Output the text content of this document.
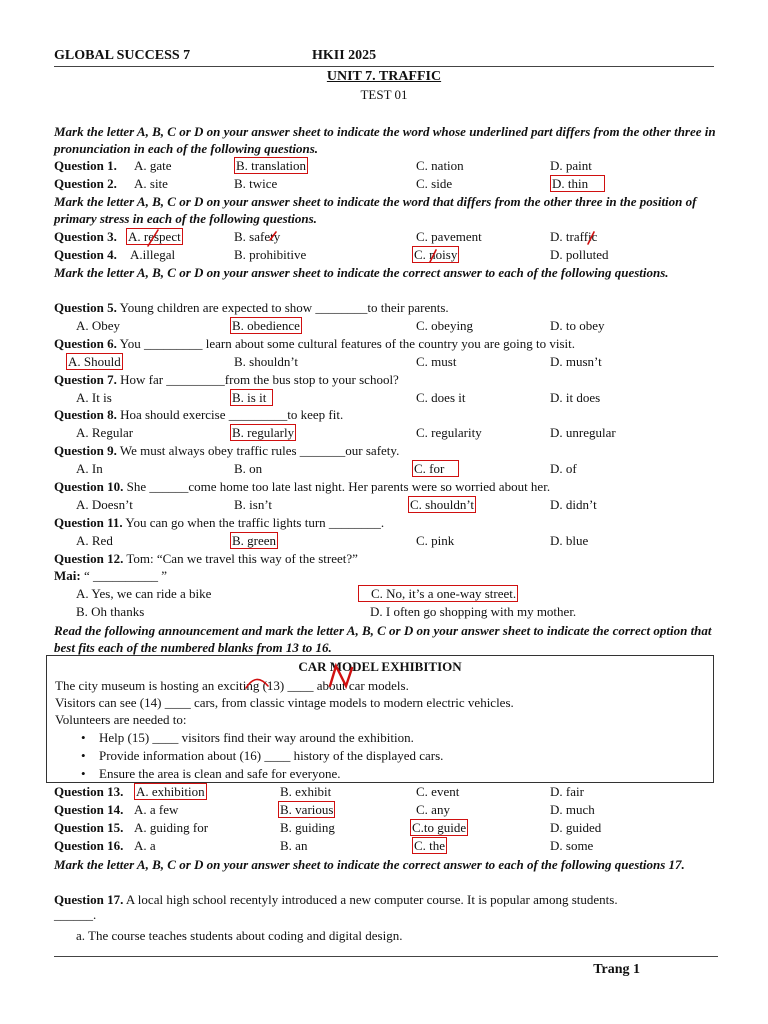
GLOBAL SUCCESS 7	HKII 2025
UNIT 7. TRAFFIC
TEST 01
Mark the letter A, B, C or D on your answer sheet to indicate the word whose underlined part differs from the other three in pronunciation in each of the following questions.
Question 1. A. gate	B. translation	C. nation	D. paint
Question 2. A. site	B. twice	C. side	D. thin
Mark the letter A, B, C or D on your answer sheet to indicate the word that differs from the other three in the position of primary stress in each of the following questions.
Question 3. A. respect	B. safety	C. pavement	D. traffic
Question 4. A.illegal	B. prohibitive	C. noisy	D. polluted
Mark the letter A, B, C or D on your answer sheet to indicate the correct answer to each of the following questions.
Question 5. Young children are expected to show ________to their parents.
A. Obey	B. obedience	C. obeying	D. to obey
Question 6. You _________ learn about some cultural features of the country you are going to visit.
A. Should	B. shouldn’t	C. must	D. musn’t
Question 7. How far _________from the bus stop to your school?
A. It is	B. is it	C. does it	D. it does
Question 8. Hoa should exercise _________to keep fit.
A. Regular	B. regularly	C. regularity	D. unregular
Question 9. We must always obey traffic rules _______our safety.
A. In	B. on	C. for	D. of
Question 10. She ______come home too late last night. Her parents were so worried about her.
A. Doesn’t	B. isn’t	C. shouldn’t	D. didn’t
Question 11. You can go when the traffic lights turn ________.
A. Red	B. green	C. pink	D. blue
Question 12. Tom: “Can we travel this way of the street?”
Mai: “ __________ ”
A. Yes, we can ride a bike	C. No, it’s a one-way street.
B. Oh thanks	D. I often go shopping with my mother.
Read the following announcement and mark the letter A, B, C or D on your answer sheet to indicate the correct option that best fits each of the numbered blanks from 13 to 16.
CAR MODEL EXHIBITION
The city museum is hosting an exciting (13) ____ about car models.
Visitors can see (14) ____ cars, from classic vintage models to modern electric vehicles.
Volunteers are needed to:
• Help (15) ____ visitors find their way around the exhibition.
• Provide information about (16) ____ history of the displayed cars.
• Ensure the area is clean and safe for everyone.
Question 13. A. exhibition	B. exhibit	C. event	D. fair
Question 14. A. a few	B. various	C. any	D. much
Question 15. A. guiding for	B. guiding	C.to guide	D. guided
Question 16. A. a	B. an	C. the	D. some
Mark the letter A, B, C or D on your answer sheet to indicate the correct answer to each of the following questions 17.
Question 17. A local high school recentyly introduced a new computer course. It is popular among students.
______.
a. The course teaches students about coding and digital design.
Trang 1
